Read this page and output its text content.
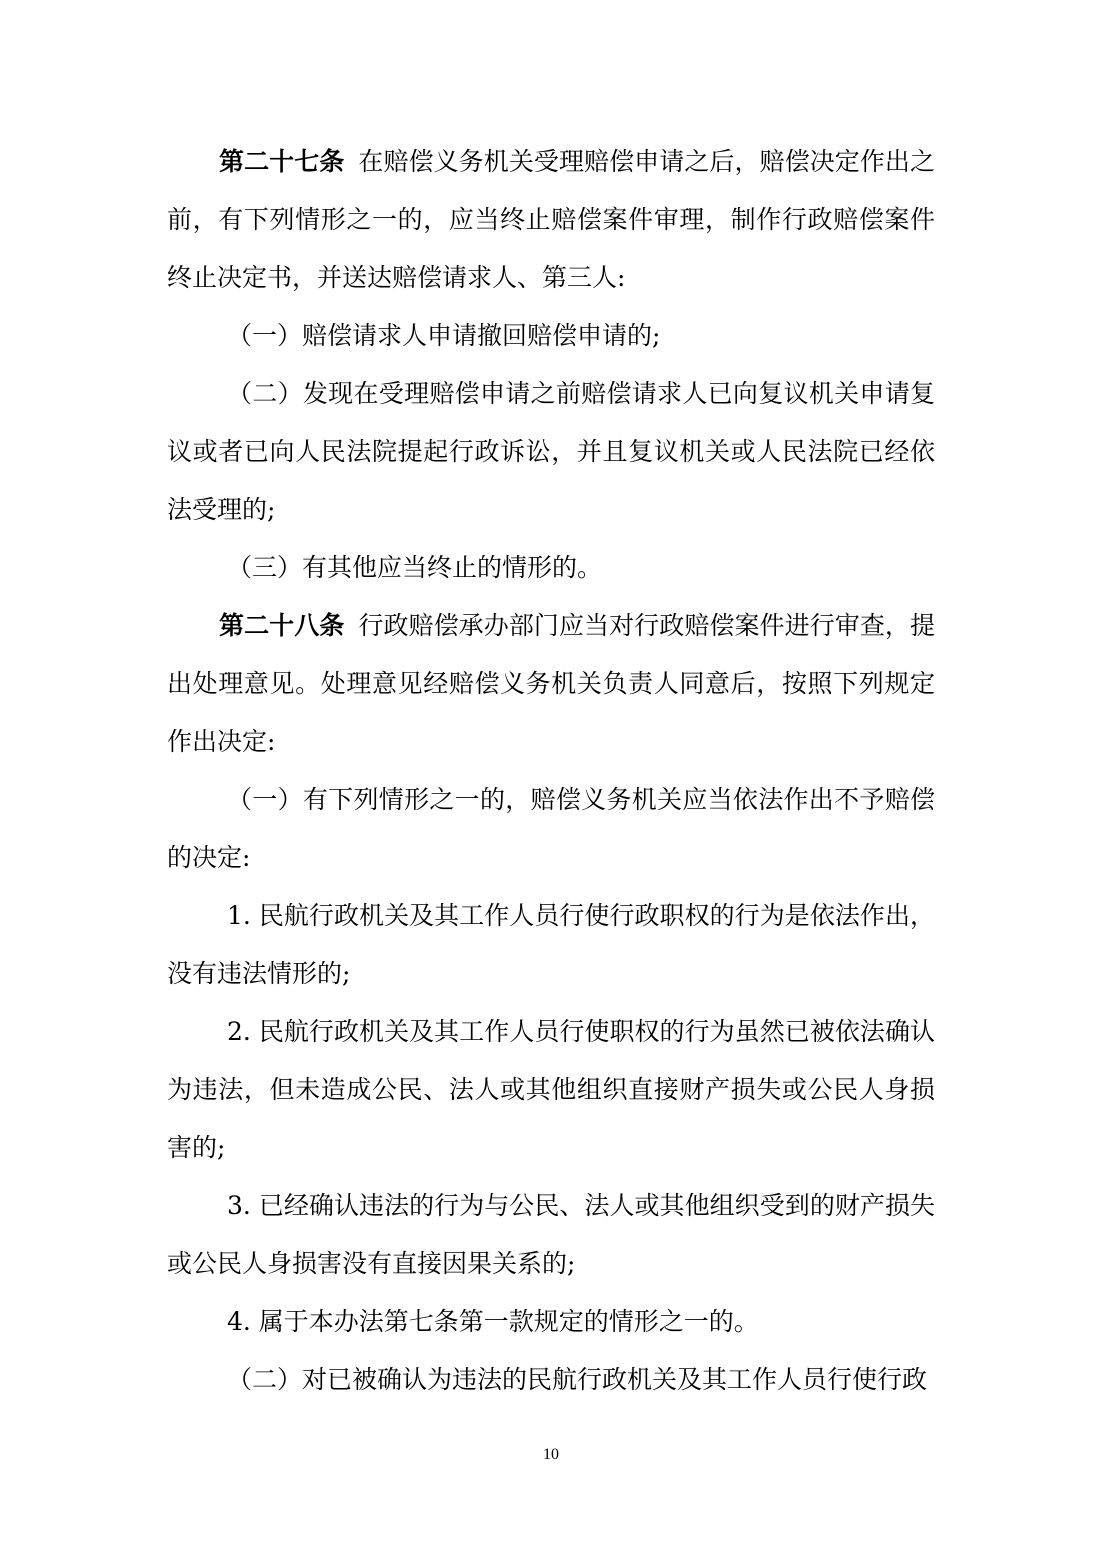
第二十七条 在赔偿义务机关受理赔偿申请之后，赔偿决定作出之前，有下列情形之一的，应当终止赔偿案件审理，制作行政赔偿案件终止决定书，并送达赔偿请求人、第三人:

（一）赔偿请求人申请撤回赔偿申请的;

（二）发现在受理赔偿申请之前赔偿请求人已向复议机关申请复议或者已向人民法院提起行政诉讼，并且复议机关或人民法院已经依法受理的;

（三）有其他应当终止的情形的。

第二十八条 行政赔偿承办部门应当对行政赔偿案件进行审查，提出处理意见。处理意见经赔偿义务机关负责人同意后，按照下列规定作出决定:

（一）有下列情形之一的，赔偿义务机关应当依法作出不予赔偿的决定:

1. 民航行政机关及其工作人员行使行政职权的行为是依法作出，没有违法情形的;

2. 民航行政机关及其工作人员行使职权的行为虽然已被依法确认为违法，但未造成公民、法人或其他组织直接财产损失或公民人身损害的;

3. 已经确认违法的行为与公民、法人或其他组织受到的财产损失或公民人身损害没有直接因果关系的;

4. 属于本办法第七条第一款规定的情形之一的。

（二）对已被确认为违法的民航行政机关及其工作人员行使行政

10
